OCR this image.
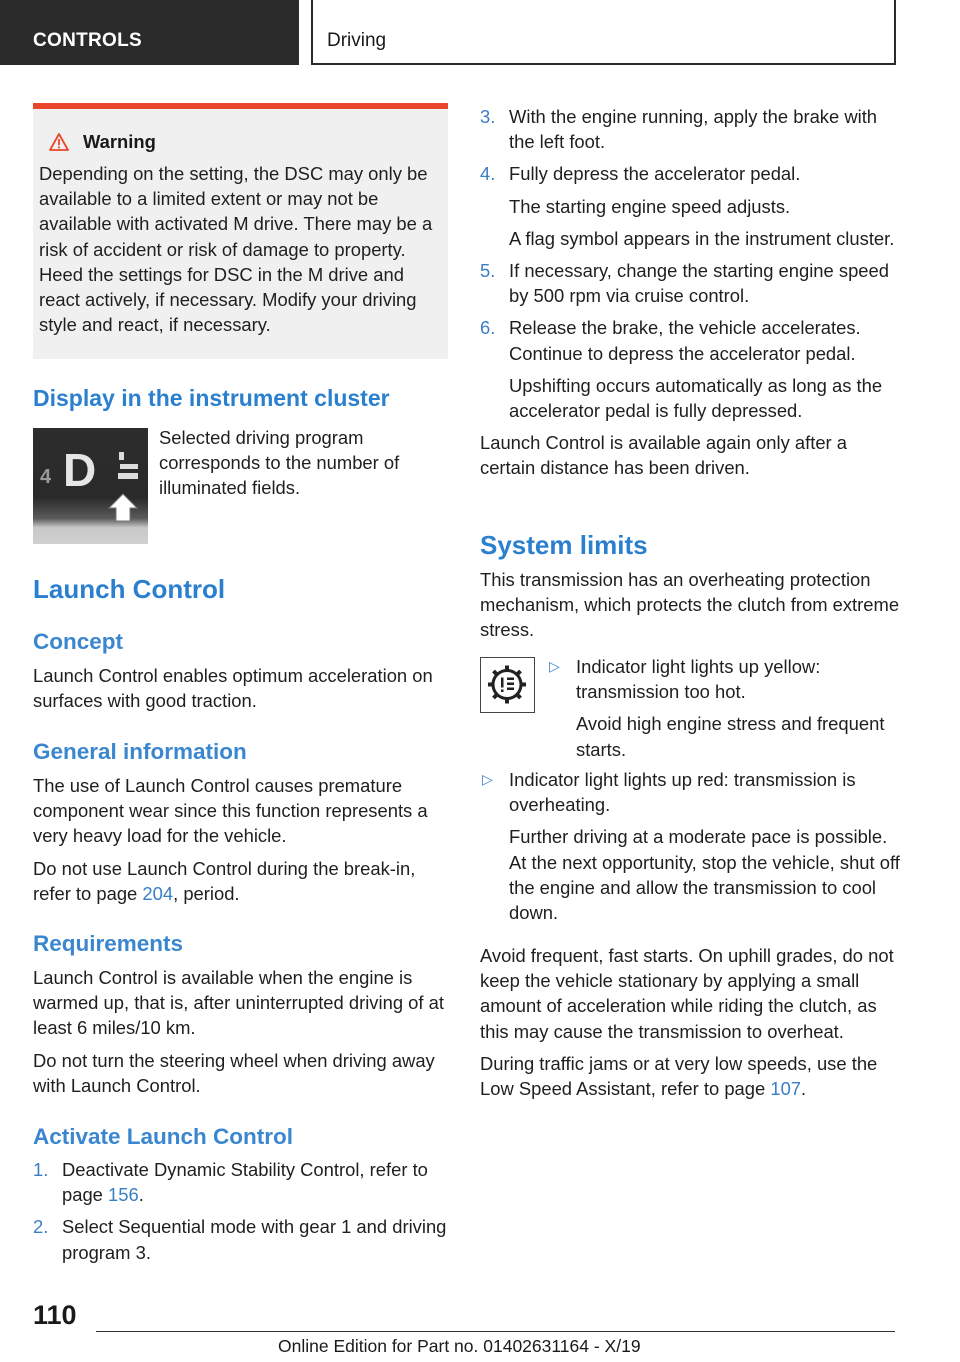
CONTROLS	Driving
Warning
Depending on the setting, the DSC may only be available to a limited extent or may not be available with activated M drive. There may be a risk of accident or risk of damage to property. Heed the settings for DSC in the M drive and react actively, if necessary. Modify your driving style and react, if necessary.
Display in the instrument cluster
4 D
Selected driving program corresponds to the number of illuminated fields.
Launch Control
Concept
Launch Control enables optimum acceleration on surfaces with good traction.
General information
The use of Launch Control causes premature component wear since this function represents a very heavy load for the vehicle.
Do not use Launch Control during the break-in, refer to page 204, period.
Requirements
Launch Control is available when the engine is warmed up, that is, after uninterrupted driving of at least 6 miles/10 km.
Do not turn the steering wheel when driving away with Launch Control.
Activate Launch Control
1. Deactivate Dynamic Stability Control, refer to page 156.
2. Select Sequential mode with gear 1 and driving program 3.
3. With the engine running, apply the brake with the left foot.
4. Fully depress the accelerator pedal.
The starting engine speed adjusts.
A flag symbol appears in the instrument cluster.
5. If necessary, change the starting engine speed by 500 rpm via cruise control.
6. Release the brake, the vehicle accelerates. Continue to depress the accelerator pedal.
Upshifting occurs automatically as long as the accelerator pedal is fully depressed.
Launch Control is available again only after a certain distance has been driven.
System limits
This transmission has an overheating protection mechanism, which protects the clutch from extreme stress.
▷ Indicator light lights up yellow: transmission too hot.
Avoid high engine stress and frequent starts.
▷ Indicator light lights up red: transmission is overheating.
Further driving at a moderate pace is possible. At the next opportunity, stop the vehicle, shut off the engine and allow the transmission to cool down.
Avoid frequent, fast starts. On uphill grades, do not keep the vehicle stationary by applying a small amount of acceleration while riding the clutch, as this may cause the transmission to overheat.
During traffic jams or at very low speeds, use the Low Speed Assistant, refer to page 107.
110
Online Edition for Part no. 01402631164 - X/19
